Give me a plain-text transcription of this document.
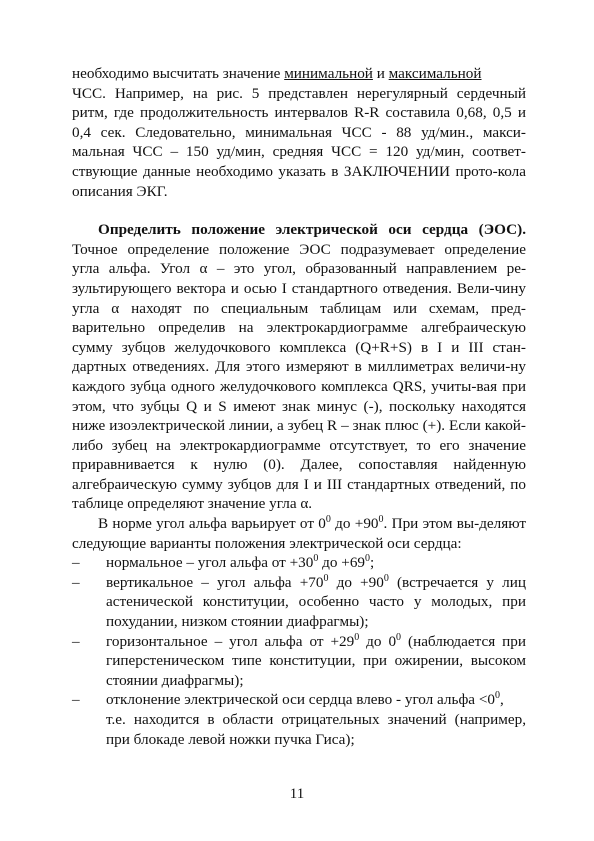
необходимо высчитать значение минимальной и максимальной
ЧСС. Например, на рис. 5 представлен нерегулярный сердечный ритм, где продолжительность интервалов R-R составила 0,68, 0,5 и 0,4 сек. Следовательно, минимальная ЧСС - 88 уд/мин., макси-мальная ЧСС – 150 уд/мин, средняя ЧСС = 120 уд/мин, соответ-ствующие данные необходимо указать в ЗАКЛЮЧЕНИИ прото-кола описания ЭКГ.

Определить положение электрической оси сердца (ЭОС). Точное определение положение ЭОС подразумевает определение угла альфа. Угол α – это угол, образованный направлением ре-зультирующего вектора и осью I стандартного отведения. Вели-чину угла α находят по специальным таблицам или схемам, пред-варительно определив на электрокардиограмме алгебраическую сумму зубцов желудочкового комплекса (Q+R+S) в I и III стан-дартных отведениях. Для этого измеряют в миллиметрах величи-ну каждого зубца одного желудочкового комплекса QRS, учиты-вая при этом, что зубцы Q и S имеют знак минус (-), поскольку находятся ниже изоэлектрической линии, а зубец R – знак плюс (+). Если какой-либо зубец на электрокардиограмме отсутствует, то его значение приравнивается к нулю (0). Далее, сопоставляя найденную алгебраическую сумму зубцов для I и III стандартных отведений, по таблице определяют значение угла α.

В норме угол альфа варьирует от $0^0$ до $+90^0$. При этом вы-деляют следующие варианты положения электрической оси сердца:

– нормальное – угол альфа от $+30^0$ до $+69^0$;
– вертикальное – угол альфа $+70^0$ до $+90^0$ (встречается у лиц астенической конституции, особенно часто у молодых, при похудании, низком стоянии диафрагмы);
– горизонтальное – угол альфа от $+29^0$ до $0^0$ (наблюдается при гиперстеническом типе конституции, при ожирении, высоком стоянии диафрагмы);
– отклонение электрической оси сердца влево - угол альфа $<0^0$,
т.е. находится в области отрицательных значений (например, при блокаде левой ножки пучка Гиса);
11
